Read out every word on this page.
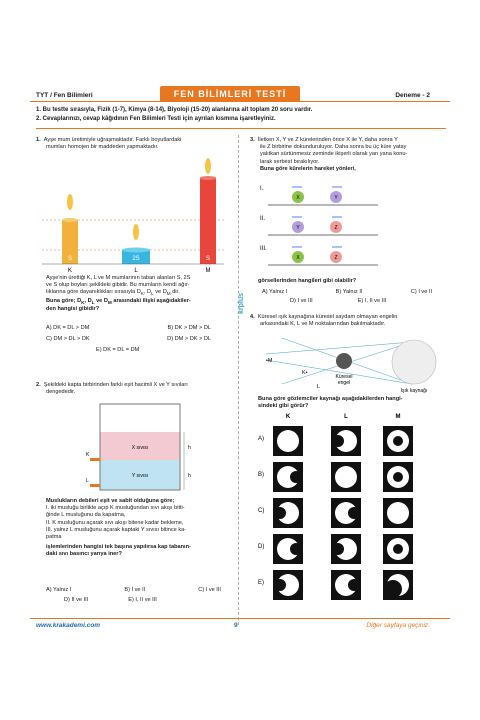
TYT / Fen Bilimleri	FEN BİLİMLERİ TESTİ	Deneme - 2
1. Bu testte sırasıyla, Fizik (1-7), Kimya (8-14), Biyoloji (15-20) alanlarına ait toplam 20 soru vardır.
2. Cevaplarınızı, cevap kâğıdının Fen Bilimleri Testi için ayrılan kısmına işaretleyiniz.
krplus
1. Ayşe mum üretimiyle uğraşmaktadır. Farklı boyutlardaki
mumları homojen bir maddeden yapmaktadır.
S	2S	S
K	L	M
Ayşe'nin ürettiği K, L ve M mumlarının taban alanları S, 2S
ve S olup boyları şekildeki gibidir. Bu mumların kendi ağır-
lıklarına göre dayanıklıkları sırasıyla $D_K$, $D_L$ ve $D_M$ dir.
Buna göre; $D_K$, $D_L$ ve $D_M$ arasındaki ilişki aşağıdakiler-
den hangisi gibidir?
A) DK = DL > DM	B) DK > DM > DL
C) DM > DL > DK	D) DM > DK > DL
E) DK = DL = DM
2. Şekildeki kapta birbirinden farklı eşit hacimli X ve Y sıvıları
dengededir.
X sıvısı
Y sıvısı
h
h
K
L
Muslukların debileri eşit ve sabit olduğuna göre;
I. iki musluğu birlikte açıp K musluğundan sıvı akışı bitti-
ğinde L musluğunu da kapatma,
II. K musluğunu açarak sıvı akışı bitene kadar bekleme,
III. yalnız L musluğunu açarak kaptaki Y sıvısı bitince ka-
patma
işlemlerinden hangisi tek başına yapılırsa kap tabanın-
daki sıvı basıncı yarıya iner?
A) Yalnız I	B) I ve II	C) I ve III
D) II ve III	E) I, II ve III
3. İletken X, Y ve Z kürelerinden önce X ile Y, daha sonra Y
ile Z birbirine dokunduruluyor. Daha sonra bu üç küre yatay
yalıtkan sürtünmesiz zeminde ikişerli olarak yan yana konu-
larak serbest bırakılıyor.
Buna göre kürelerin hareket yönleri,
I.
X	Y
II.
Y	Z
III.
X	Z
görsellerinden hangileri gibi olabilir?
A) Yalnız I	B) Yalnız II	C) I ve II
D) I ve III	E) I, II ve III
4. Küresel ışık kaynağına küresel saydam olmayan engelin
arkasındaki K, L ve M noktalarından bakılmaktadır.
•M
K•
L
Küresel
engel
Işık kaynağı
Buna göre gözlemciler kaynağı aşağıdakilerden hangi-
sindeki gibi görür?
K	L	M
A)
B)
C)
D)
E)
www.krakademi.com	9	Diğer sayfaya geçiniz.
